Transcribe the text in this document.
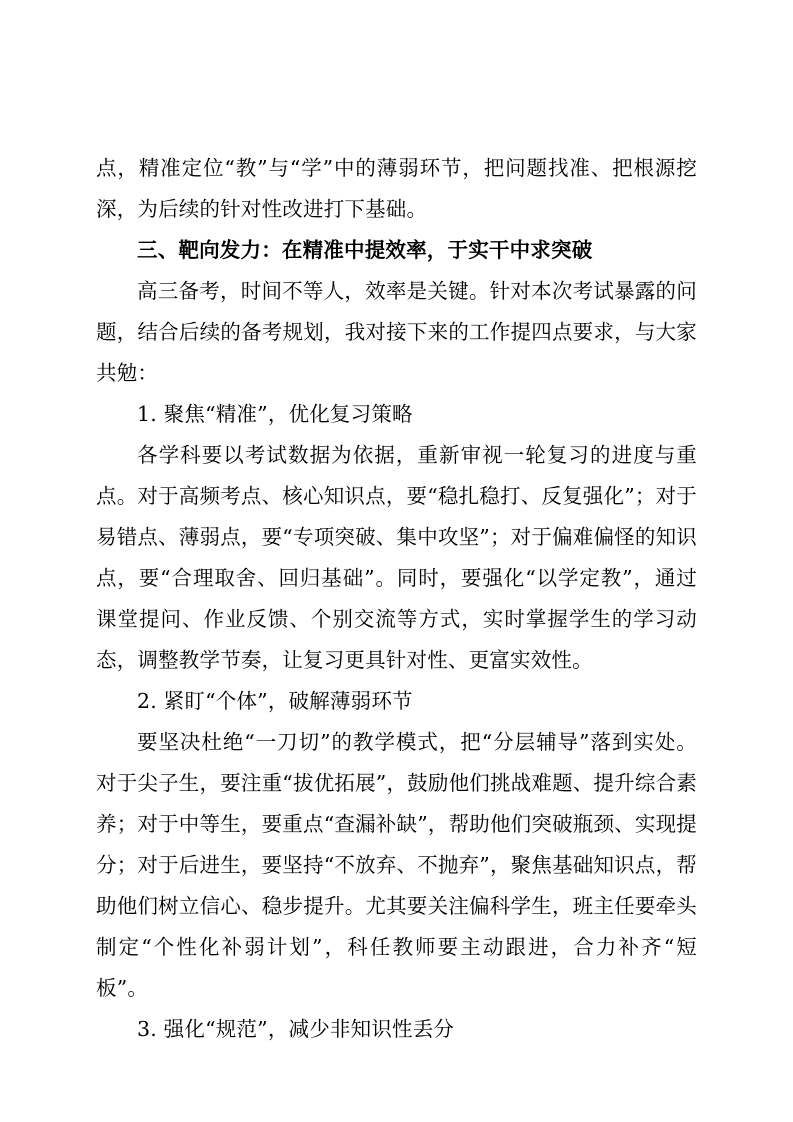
点，精准定位“教”与“学”中的薄弱环节，把问题找准、把根源挖深，为后续的针对性改进打下基础。

三、靶向发力：在精准中提效率，于实干中求突破

高三备考，时间不等人，效率是关键。针对本次考试暴露的问题，结合后续的备考规划，我对接下来的工作提四点要求，与大家共勉：

1. 聚焦“精准”，优化复习策略

各学科要以考试数据为依据，重新审视一轮复习的进度与重点。对于高频考点、核心知识点，要“稳扎稳打、反复强化”；对于易错点、薄弱点，要“专项突破、集中攻坚”；对于偏难偏怪的知识点，要“合理取舍、回归基础”。同时，要强化“以学定教”，通过课堂提问、作业反馈、个别交流等方式，实时掌握学生的学习动态，调整教学节奏，让复习更具针对性、更富实效性。

2. 紧盯“个体”，破解薄弱环节

要坚决杜绝“一刀切”的教学模式，把“分层辅导”落到实处。对于尖子生，要注重“拔优拓展”，鼓励他们挑战难题、提升综合素养；对于中等生，要重点“查漏补缺”，帮助他们突破瓶颈、实现提分；对于后进生，要坚持“不放弃、不抛弃”，聚焦基础知识点，帮助他们树立信心、稳步提升。尤其要关注偏科学生，班主任要牵头制定“个性化补弱计划”，科任教师要主动跟进，合力补齐“短板”。

3. 强化“规范”，减少非知识性丢分
